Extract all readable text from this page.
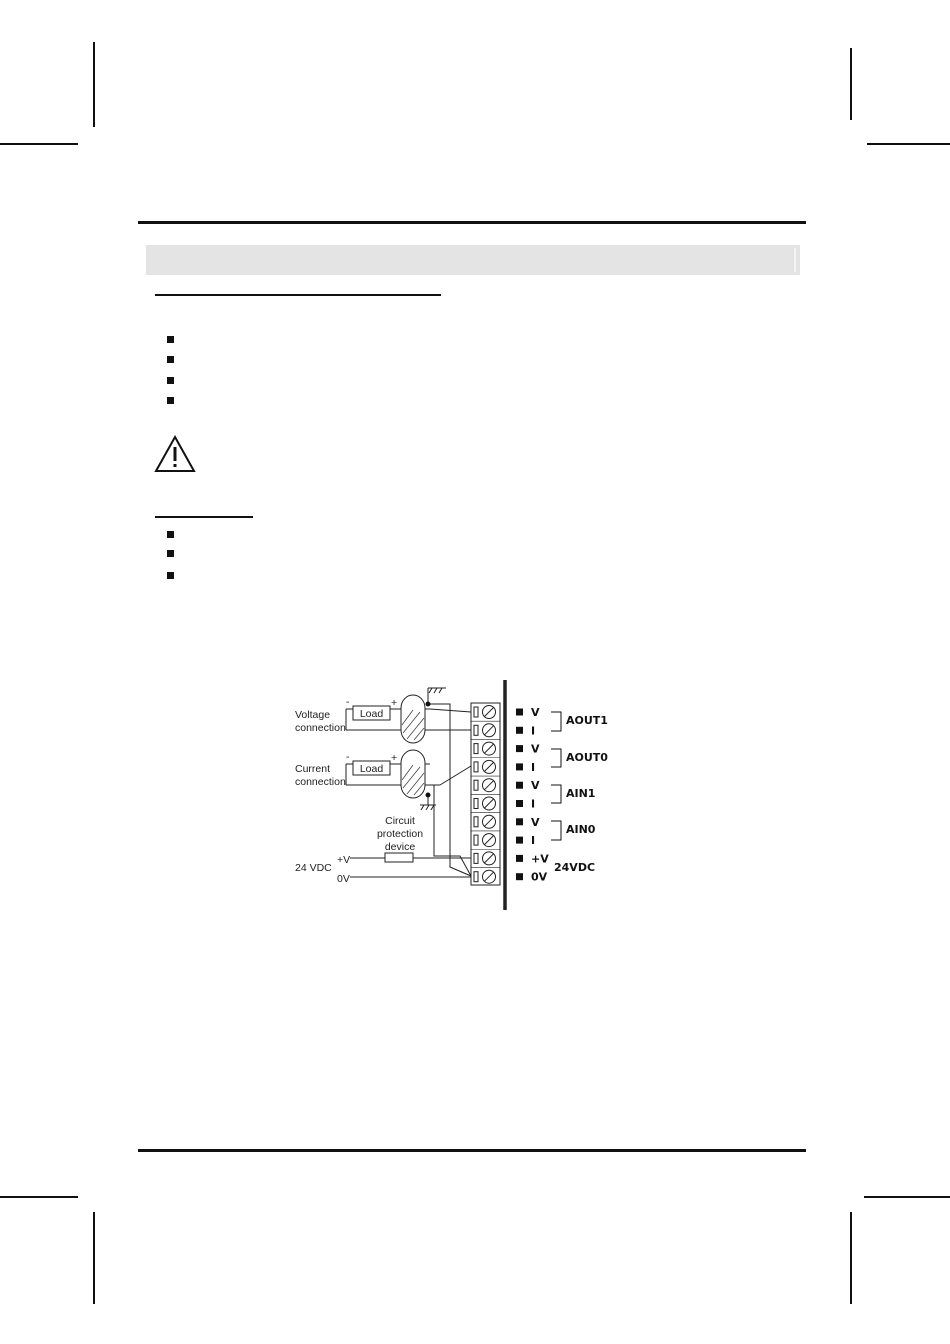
Load
Load
-	+
-	+
Voltage
connection
Current
connection
24 VDC
+V
0V
Circuit
protection
device
V
I
V
I
V
I
V
I
+V
0V
AOUT1
AOUT0
AIN1
AIN0
24VDC
